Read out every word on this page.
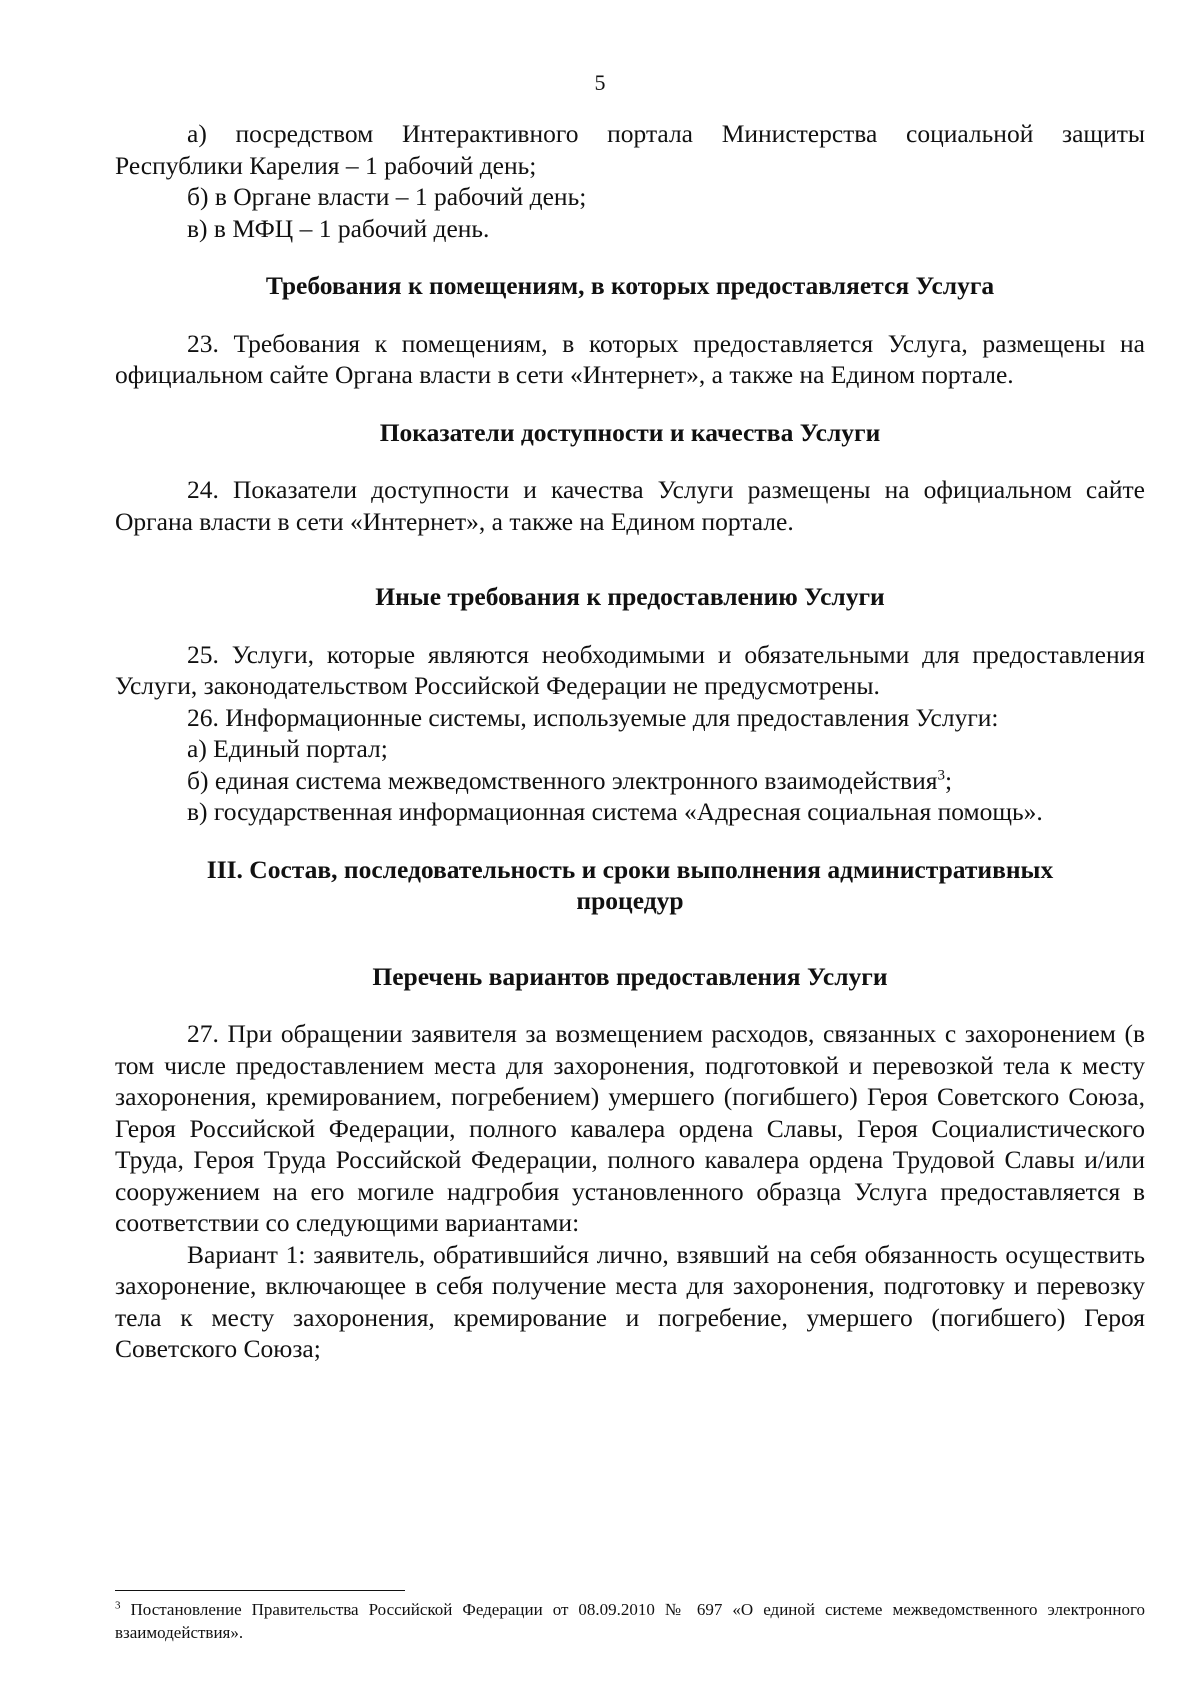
5

а) посредством Интерактивного портала Министерства социальной защиты Республики Карелия – 1 рабочий день;

б) в Органе власти – 1 рабочий день;

в) в МФЦ – 1 рабочий день.

Требования к помещениям, в которых предоставляется Услуга

23. Требования к помещениям, в которых предоставляется Услуга, размещены на официальном сайте Органа власти в сети «Интернет», а также на Едином портале.

Показатели доступности и качества Услуги

24. Показатели доступности и качества Услуги размещены на официальном сайте Органа власти в сети «Интернет», а также на Едином портале.

Иные требования к предоставлению Услуги

25. Услуги, которые являются необходимыми и обязательными для предоставления Услуги, законодательством Российской Федерации не предусмотрены.

26. Информационные системы, используемые для предоставления Услуги:

а) Единый портал;

б) единая система межведомственного электронного взаимодействия$^3$;

в) государственная информационная система «Адресная социальная помощь».

III. Состав, последовательность и сроки выполнения административных
процедур
Перечень вариантов предоставления Услуги

27. При обращении заявителя за возмещением расходов, связанных с захоронением (в том числе предоставлением места для захоронения, подготовкой и перевозкой тела к месту захоронения, кремированием, погребением) умершего (погибшего) Героя Советского Союза, Героя Российской Федерации, полного кавалера ордена Славы, Героя Социалистического Труда, Героя Труда Российской Федерации, полного кавалера ордена Трудовой Славы и/или сооружением на его могиле надгробия установленного образца Услуга предоставляется в соответствии со следующими вариантами:

Вариант 1: заявитель, обратившийся лично, взявший на себя обязанность осуществить захоронение, включающее в себя получение места для захоронения, подготовку и перевозку тела к месту захоронения, кремирование и погребение, умершего (погибшего) Героя Советского Союза;

$^3$ Постановление Правительства Российской Федерации от 08.09.2010 № 697 «О единой системе межведомственного электронного взаимодействия».
